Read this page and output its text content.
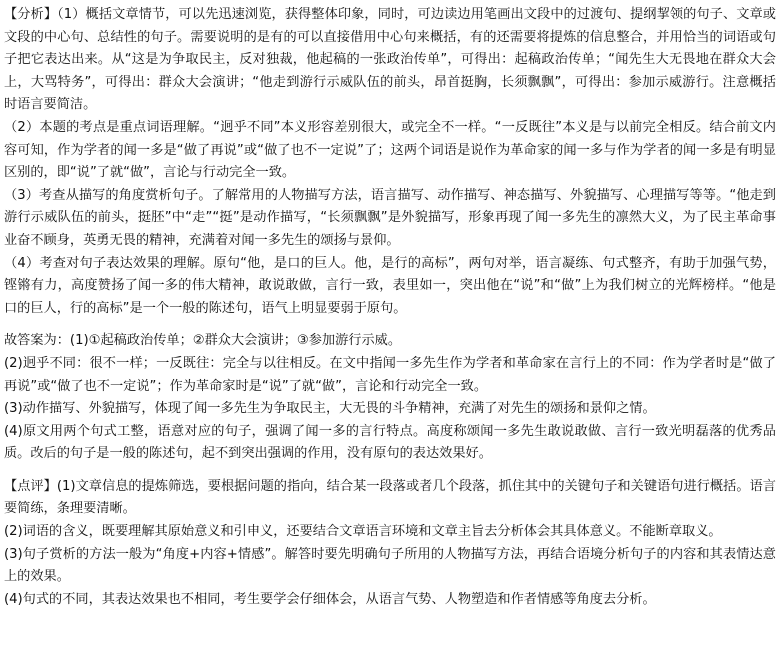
【分析】（1）概括文章情节，可以先迅速浏览，获得整体印象，同时，可边读边用笔画出文段中的过渡句、提纲挈领的句子、文章或文段的中心句、总结性的句子。需要说明的是有的可以直接借用中心句来概括，有的还需要将提炼的信息整合，并用恰当的词语或句子把它表达出来。从“这是为争取民主，反对独裁，他起稿的一张政治传单”，可得出：起稿政治传单；“闻先生大无畏地在群众大会上，大骂特务”，可得出：群众大会演讲；“他走到游行示威队伍的前头，昂首挺胸，长须飘飘”，可得出：参加示威游行。注意概括时语言要简洁。

（2）本题的考点是重点词语理解。“迥乎不同”本义形容差别很大，或完全不一样。“一反既往”本义是与以前完全相反。结合前文内容可知，作为学者的闻一多是“做了再说”或“做了也不一定说”了；这两个词语是说作为革命家的闻一多与作为学者的闻一多是有明显区别的，即“说”了就“做”，言论与行动完全一致。

（3）考查从描写的角度赏析句子。了解常用的人物描写方法，语言描写、动作描写、神态描写、外貌描写、心理描写等等。“他走到游行示威队伍的前头，挺胚”中“走”“挺”是动作描写，“长须飘飘”是外貌描写，形象再现了闻一多先生的凛然大义，为了民主革命事业奋不顾身，英勇无畏的精神，充满着对闻一多先生的颂扬与景仰。

（4）考查对句子表达效果的理解。原句“他，是口的巨人。他，是行的高标”，两句对举，语言凝练、句式整齐，有助于加强气势，铿锵有力，高度赞扬了闻一多的伟大精神，敢说敢做，言行一致，表里如一，突出他在“说”和“做”上为我们树立的光辉榜样。“他是口的巨人，行的高标”是一个一般的陈述句，语气上明显要弱于原句。

故答案为：(1)①起稿政治传单；②群众大会演讲；③参加游行示威。

(2)迥乎不同：很不一样；一反既往：完全与以往相反。在文中指闻一多先生作为学者和革命家在言行上的不同：作为学者时是“做了再说”或“做了也不一定说”；作为革命家时是“说”了就“做”，言论和行动完全一致。

(3)动作描写、外貌描写，体现了闻一多先生为争取民主，大无畏的斗争精神，充满了对先生的颂扬和景仰之情。

(4)原文用两个句式工整，语意对应的句子，强调了闻一多的言行特点。高度称颂闻一多先生敢说敢做、言行一致光明磊落的优秀品质。改后的句子是一般的陈述句，起不到突出强调的作用，没有原句的表达效果好。

【点评】(1)文章信息的提炼筛选，要根据问题的指向，结合某一段落或者几个段落，抓住其中的关键句子和关键语句进行概括。语言要简练，条理要清晰。

(2)词语的含义，既要理解其原始意义和引申义，还要结合文章语言环境和文章主旨去分析体会其具体意义。不能断章取义。

(3)句子赏析的方法一般为“角度+内容+情感”。解答时要先明确句子所用的人物描写方法，再结合语境分析句子的内容和其表情达意上的效果。

(4)句式的不同，其表达效果也不相同，考生要学会仔细体会，从语言气势、人物塑造和作者情感等角度去分析。
